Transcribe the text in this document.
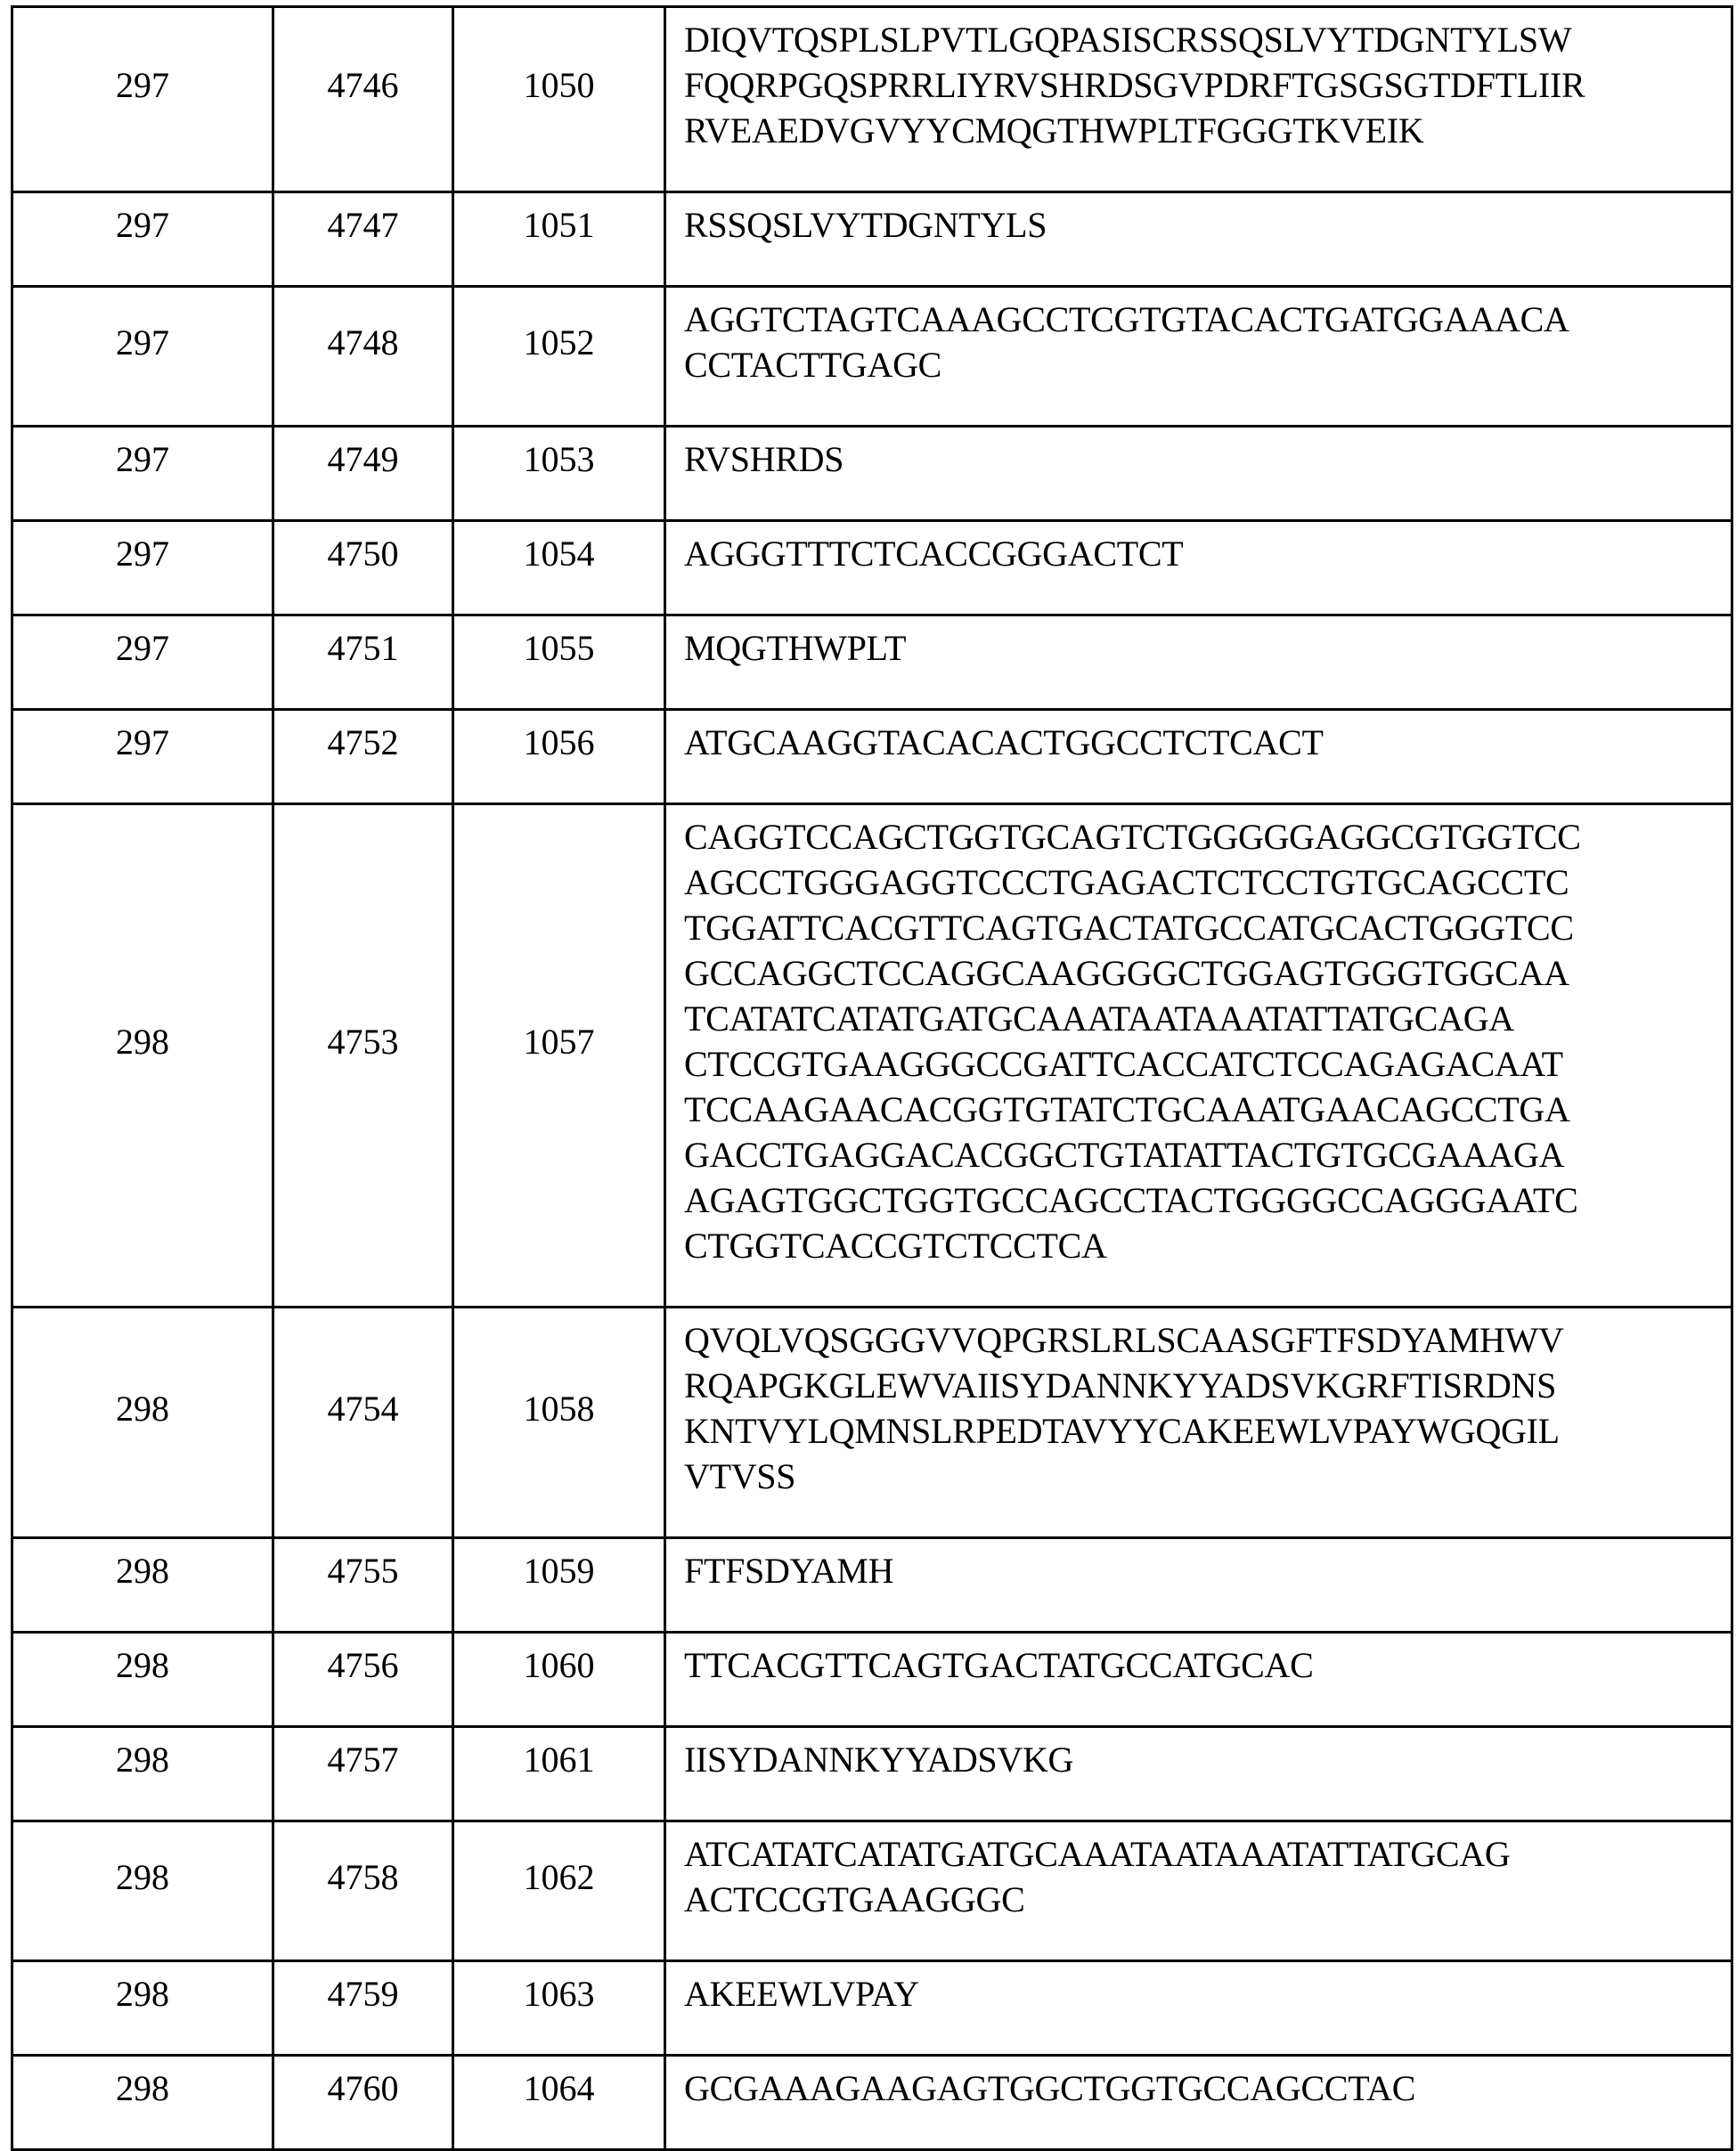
297	4746	1050	DIQVTQSPLSLPVTLGQPASISCRSSQSLVYTDGNTYLSW
FQQRPGQSPRRLIYRVSHRDSGVPDRFTGSGSGTDFTLIIR
RVEAEDVGVYYCMQGTHWPLTFGGGTKVEIK
297	4747	1051	RSSQSLVYTDGNTYLS
297	4748	1052	AGGTCTAGTCAAAGCCTCGTGTACACTGATGGAAACA
CCTACTTGAGC
297	4749	1053	RVSHRDS
297	4750	1054	AGGGTTTCTCACCGGGACTCT
297	4751	1055	MQGTHWPLT
297	4752	1056	ATGCAAGGTACACACTGGCCTCTCACT
298	4753	1057	CAGGTCCAGCTGGTGCAGTCTGGGGGAGGCGTGGTCC
AGCCTGGGAGGTCCCTGAGACTCTCCTGTGCAGCCTC
TGGATTCACGTTCAGTGACTATGCCATGCACTGGGTCC
GCCAGGCTCCAGGCAAGGGGCTGGAGTGGGTGGCAA
TCATATCATATGATGCAAATAATAAATATTATGCAGA
CTCCGTGAAGGGCCGATTCACCATCTCCAGAGACAAT
TCCAAGAACACGGTGTATCTGCAAATGAACAGCCTGA
GACCTGAGGACACGGCTGTATATTACTGTGCGAAAGA
AGAGTGGCTGGTGCCAGCCTACTGGGGCCAGGGAATC
CTGGTCACCGTCTCCTCA
298	4754	1058	QVQLVQSGGGVVQPGRSLRLSCAASGFTFSDYAMHWV
RQAPGKGLEWVAIISYDANNKYYADSVKGRFTISRDNS
KNTVYLQMNSLRPEDTAVYYCAKEEWLVPAYWGQGIL
VTVSS
298	4755	1059	FTFSDYAMH
298	4756	1060	TTCACGTTCAGTGACTATGCCATGCAC
298	4757	1061	IISYDANNKYYADSVKG
298	4758	1062	ATCATATCATATGATGCAAATAATAAATATTATGCAG
ACTCCGTGAAGGGC
298	4759	1063	AKEEWLVPAY
298	4760	1064	GCGAAAGAAGAGTGGCTGGTGCCAGCCTAC
